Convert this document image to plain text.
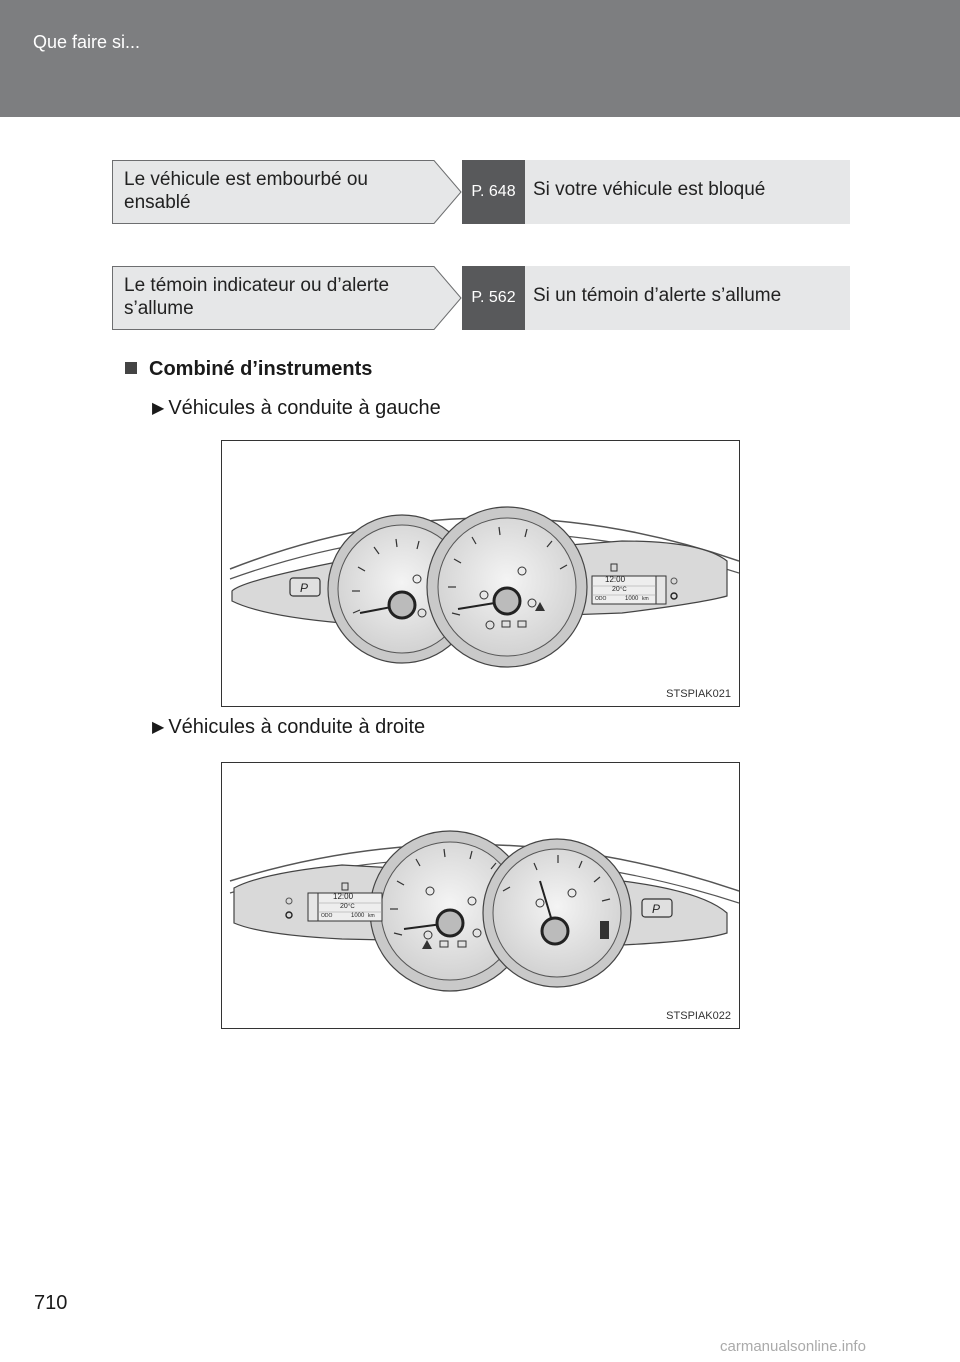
Que faire si...
Le véhicule est embourbé ou ensablé
P. 648 Si votre véhicule est bloqué
Le témoin indicateur ou d’alerte s’allume
P. 562 Si un témoin d’alerte s’allume
Combiné d’instruments
▶ Véhicules à conduite à gauche
12:00
20 °C
ODO	1000 km
P
STSPIAK021
▶ Véhicules à conduite à droite
12:00
20 °C
ODO	1000 km	P
STSPIAK022
710
carmanualsonline.info
